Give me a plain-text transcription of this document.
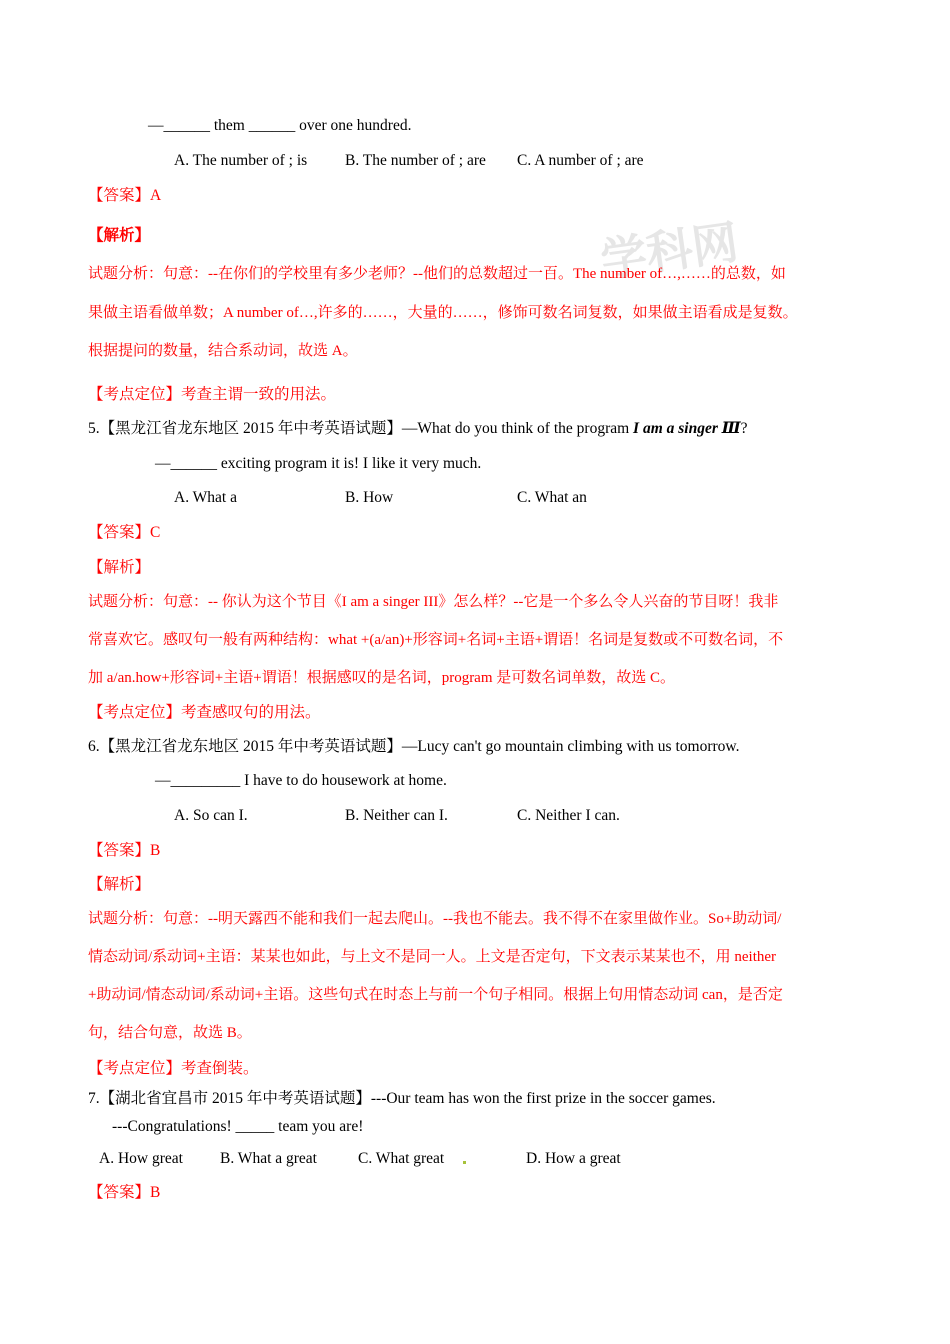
学科网
—______ them ______ over one hundred.
A. The number of ; is B. The number of ; are C. A number of ; are
【答案】A
【解析】
试题分析：句意：--在你们的学校里有多少老师？--他们的总数超过一百。The number of…,……的总数，如
果做主语看做单数；A number of…,许多的……，大量的……，修饰可数名词复数，如果做主语看成是复数。
根据提问的数量，结合系动词，故选 A。
【考点定位】考查主谓一致的用法。
5.【黑龙江省龙东地区 2015 年中考英语试题】—What do you think of the program I am a singer Ⅲ?
—______ exciting program it is! I like it very much.
A. What a	B. How	C. What an
【答案】C
【解析】
试题分析：句意：-- 你认为这个节目《I am a singer III》怎么样？--它是一个多么令人兴奋的节目呀！我非
常喜欢它。感叹句一般有两种结构：what +(a/an)+形容词+名词+主语+谓语！名词是复数或不可数名词，不
加 a/an.how+形容词+主语+谓语！根据感叹的是名词，program 是可数名词单数，故选 C。
【考点定位】考查感叹句的用法。
6.【黑龙江省龙东地区 2015 年中考英语试题】—Lucy can't go mountain climbing with us tomorrow.
—_________ I have to do housework at home.
A. So can I.	B. Neither can I.	C. Neither I can.
【答案】B
【解析】
试题分析：句意：--明天露西不能和我们一起去爬山。--我也不能去。我不得不在家里做作业。So+助动词/
情态动词/系动词+主语：某某也如此，与上文不是同一人。上文是否定句，下文表示某某也不，用 neither
+助动词/情态动词/系动词+主语。这些句式在时态上与前一个句子相同。根据上句用情态动词 can，是否定
句，结合句意，故选 B。
【考点定位】考查倒装。
7.【湖北省宜昌市 2015 年中考英语试题】---Our team has won the first prize in the soccer games.
---Congratulations! _____ team you are!
A. How great B. What a great	C. What great	D. How a great
【答案】B
